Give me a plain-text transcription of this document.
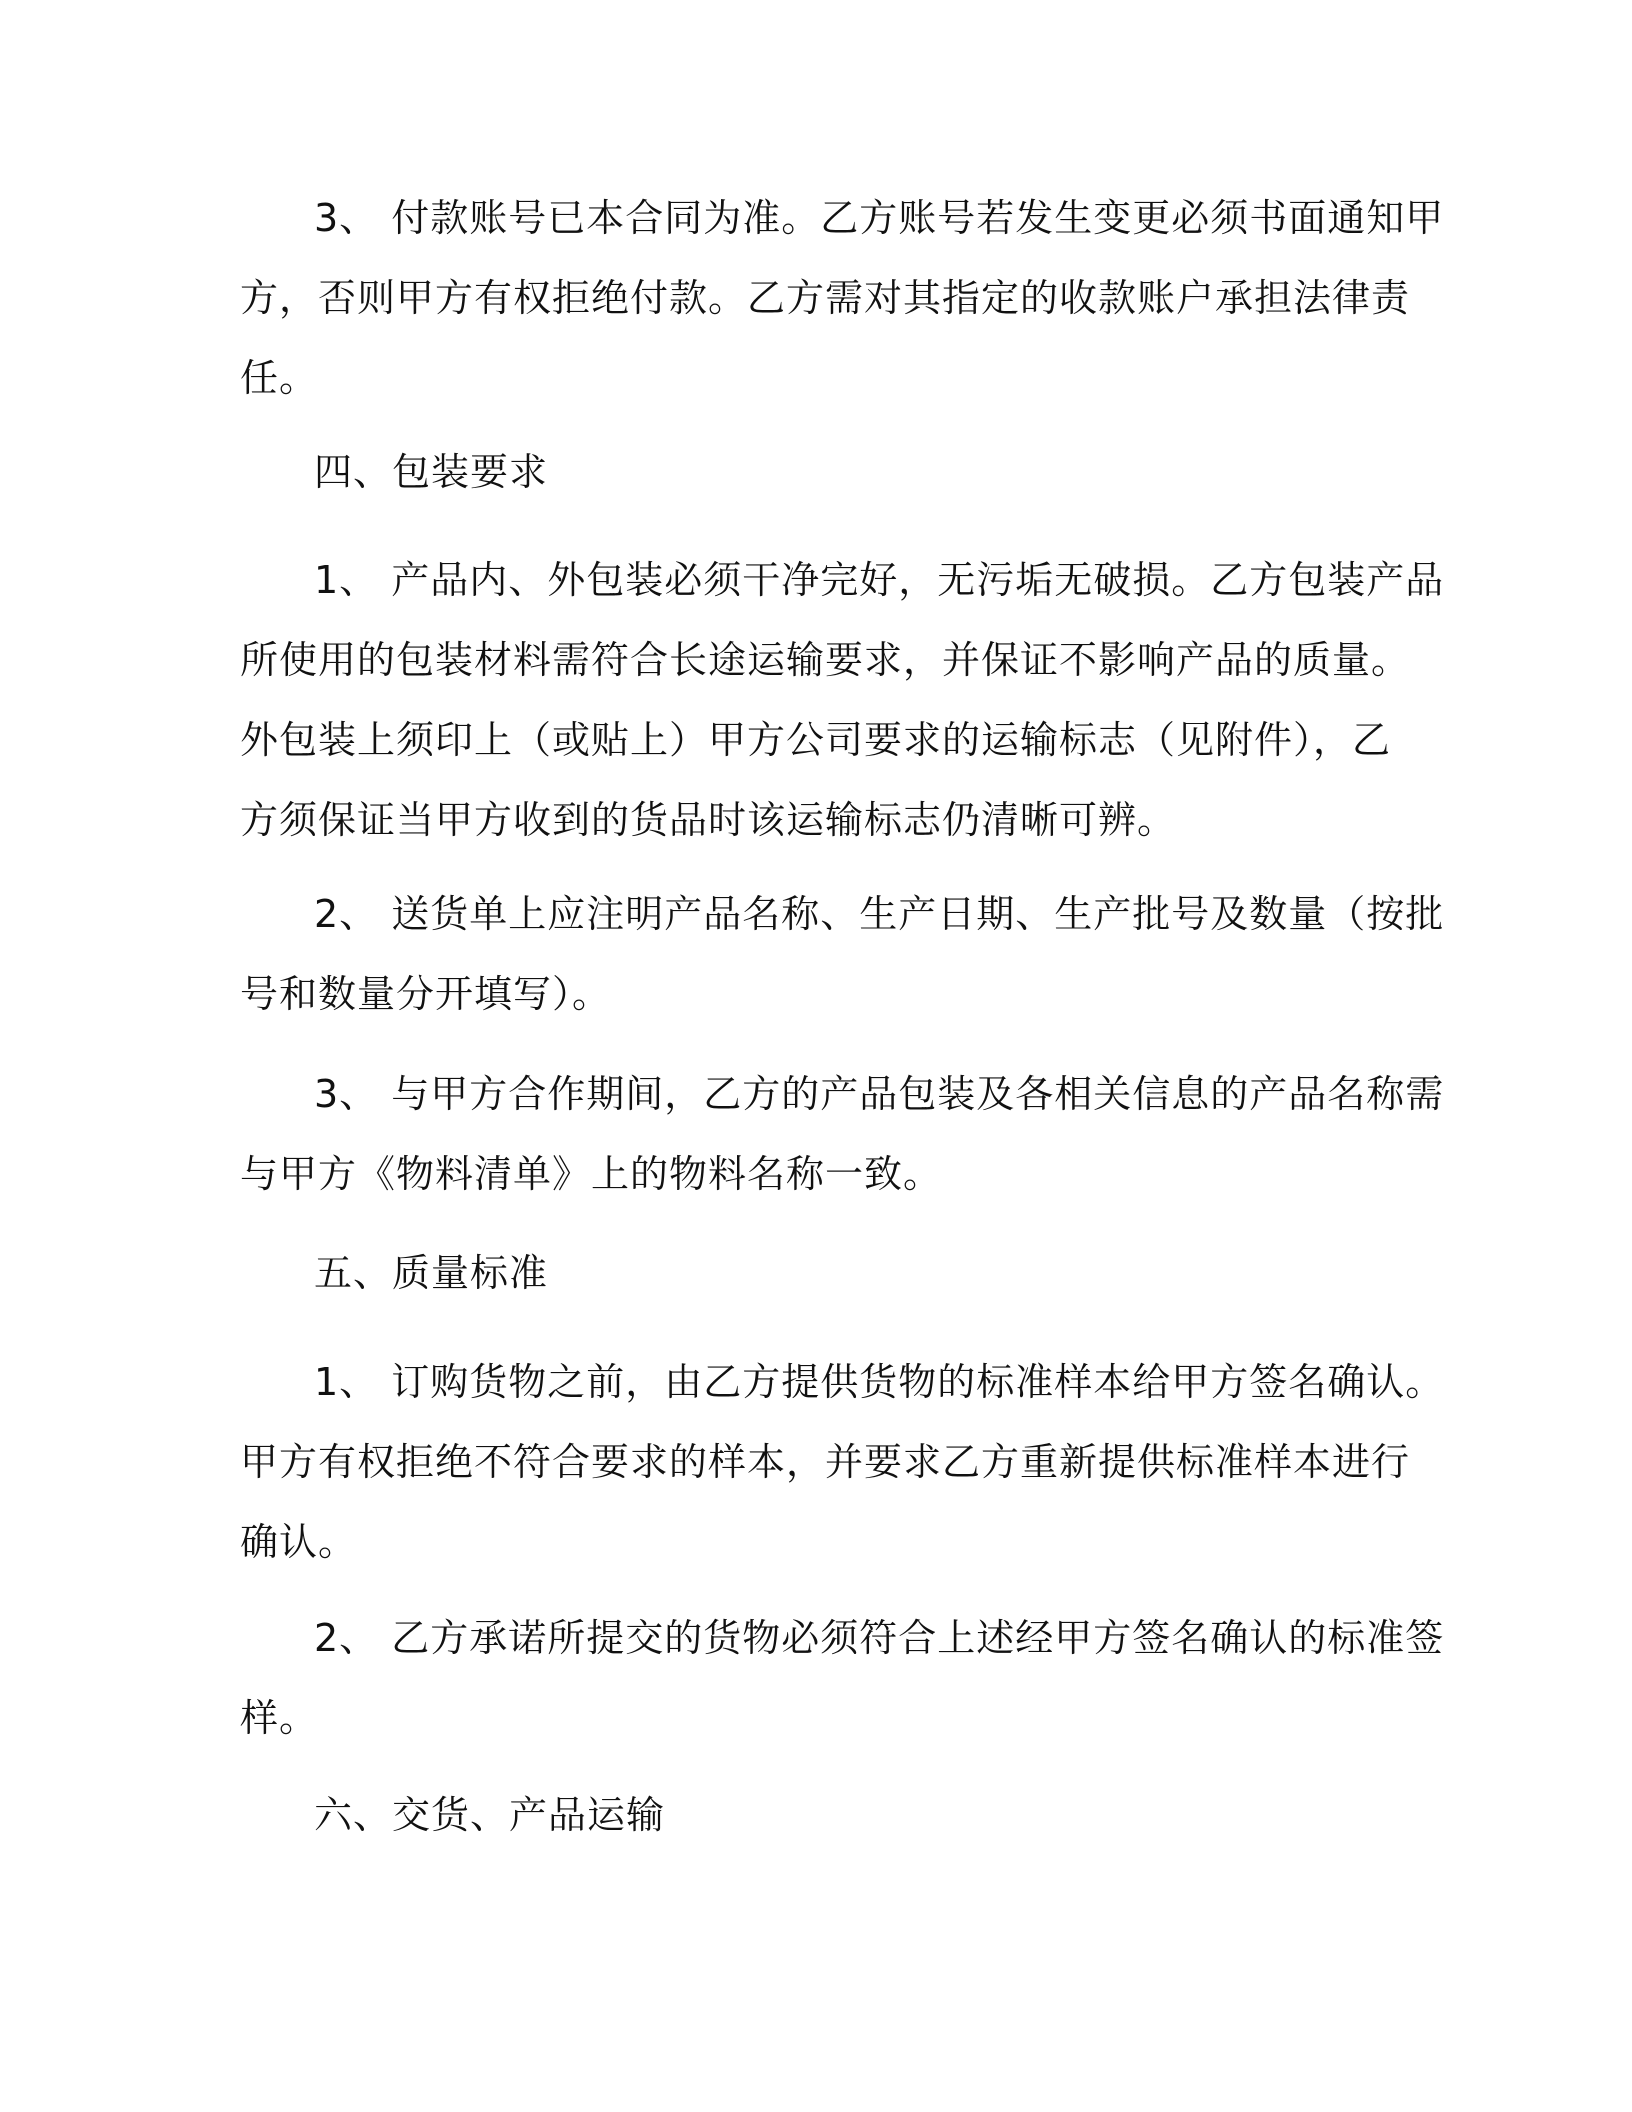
3、 付款账号已本合同为准。乙方账号若发生变更必须书面通知甲
方，否则甲方有权拒绝付款。乙方需对其指定的收款账户承担法律责
任。
四、包装要求
1、 产品内、外包装必须干净完好，无污垢无破损。乙方包装产品
所使用的包装材料需符合长途运输要求，并保证不影响产品的质量。
外包装上须印上（或贴上）甲方公司要求的运输标志（见附件），乙
方须保证当甲方收到的货品时该运输标志仍清晰可辨。
2、 送货单上应注明产品名称、生产日期、生产批号及数量（按批
号和数量分开填写）。
3、 与甲方合作期间，乙方的产品包装及各相关信息的产品名称需
与甲方《物料清单》上的物料名称一致。
五、质量标准
1、 订购货物之前，由乙方提供货物的标准样本给甲方签名确认。
甲方有权拒绝不符合要求的样本，并要求乙方重新提供标准样本进行
确认。
2、 乙方承诺所提交的货物必须符合上述经甲方签名确认的标准签
样。
六、交货、产品运输
